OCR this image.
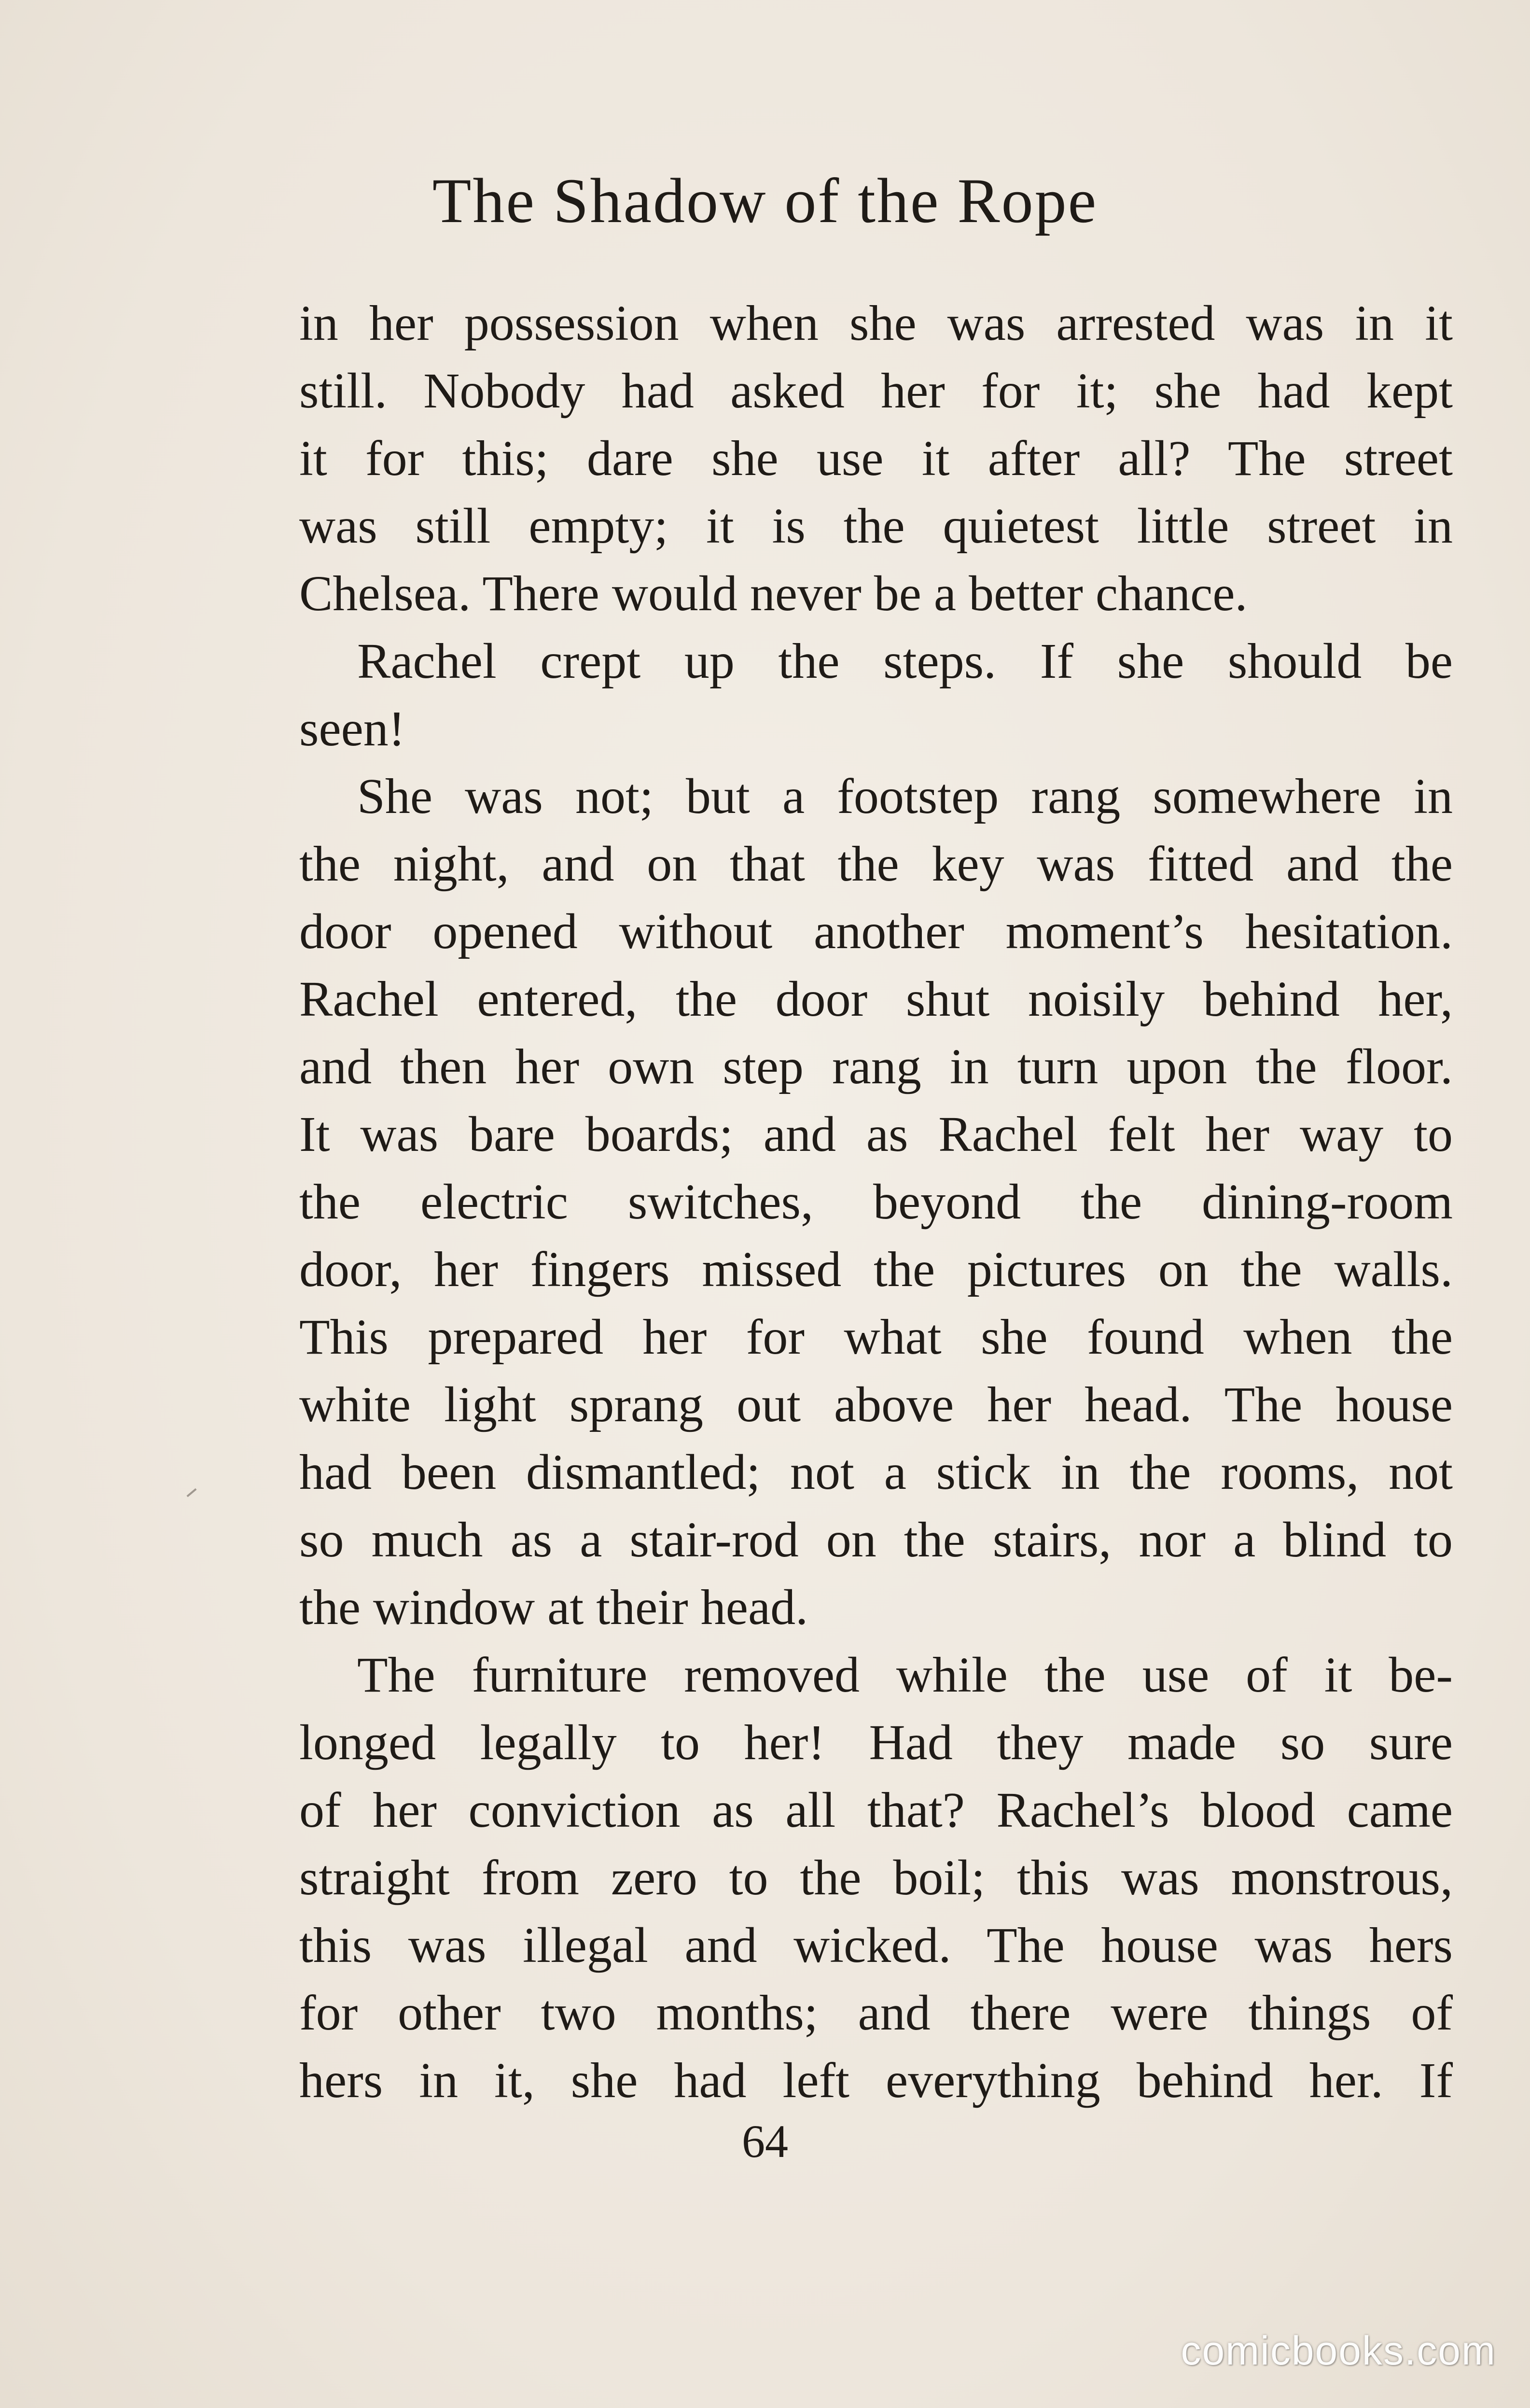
The Shadow of the Rope
in her possession when she was arrested was in it
still. Nobody had asked her for it; she had kept
it for this; dare she use it after all? The street
was still empty; it is the quietest little street in
Chelsea. There would never be a better chance.
Rachel crept up the steps. If she should be
seen!
She was not; but a footstep rang somewhere in
the night, and on that the key was fitted and the
door opened without another moment’s hesitation.
Rachel entered, the door shut noisily behind her,
and then her own step rang in turn upon the floor.
It was bare boards; and as Rachel felt her way to
the electric switches, beyond the dining-room
door, her fingers missed the pictures on the walls.
This prepared her for what she found when the
white light sprang out above her head. The house
had been dismantled; not a stick in the rooms, not
so much as a stair-rod on the stairs, nor a blind to
the window at their head.
The furniture removed while the use of it be-
longed legally to her! Had they made so sure
of her conviction as all that? Rachel’s blood came
straight from zero to the boil; this was monstrous,
this was illegal and wicked. The house was hers
for other two months; and there were things of
hers in it, she had left everything behind her. If
64
comicbooks.com
